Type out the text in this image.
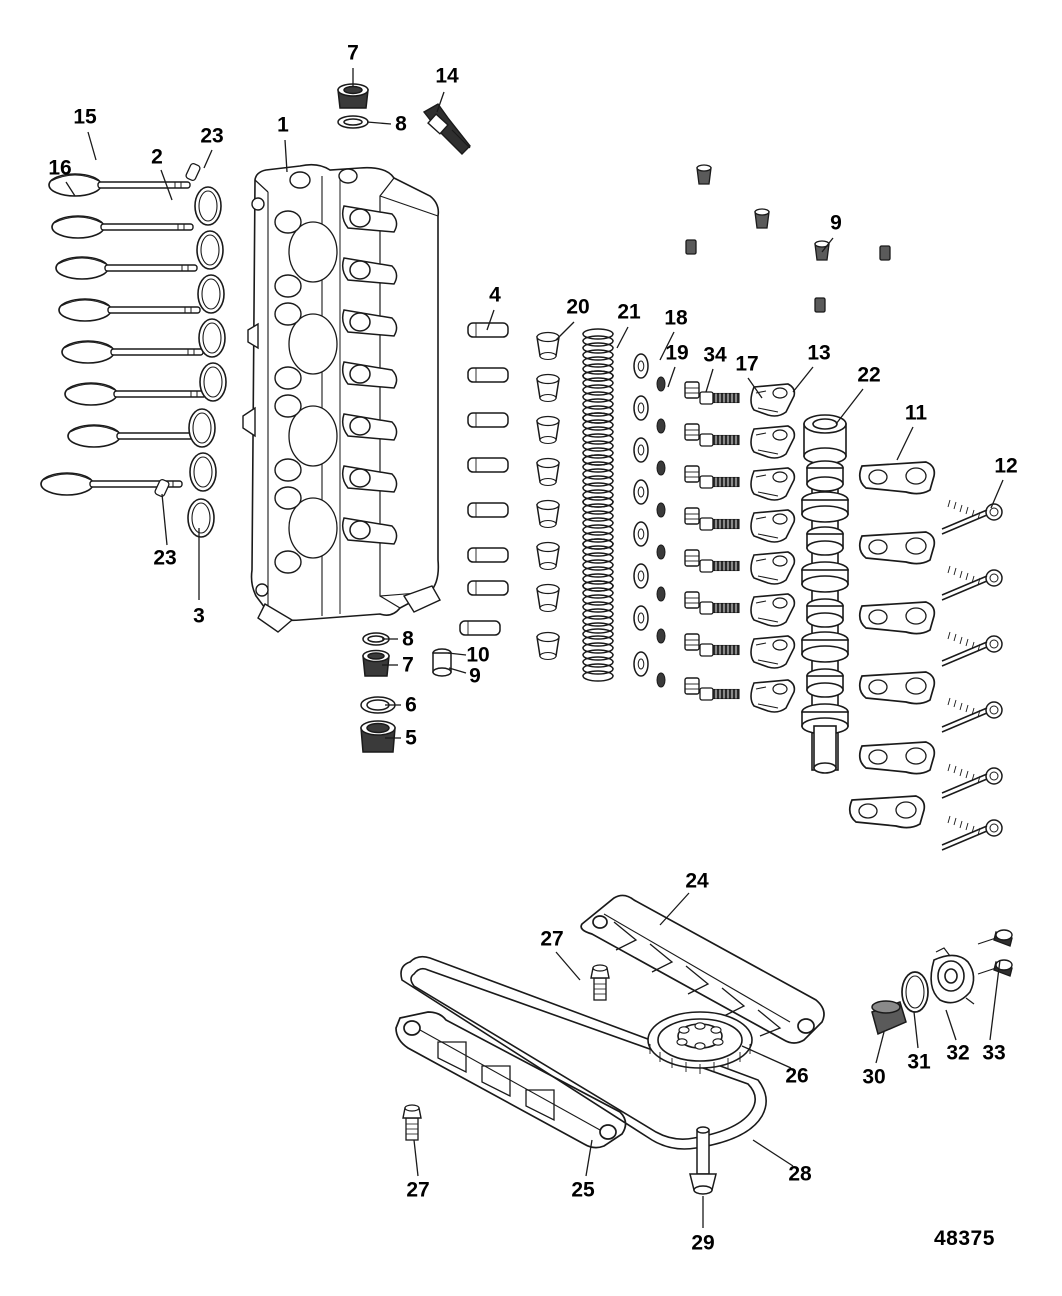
7
14
15
23	1	8
16	2
9
4
20 21 18
19 34 17 13
22
11
12
23
3
8
10
7	9
6
5
24
27
33
26
32
31
30
28
27	25
29	48375
